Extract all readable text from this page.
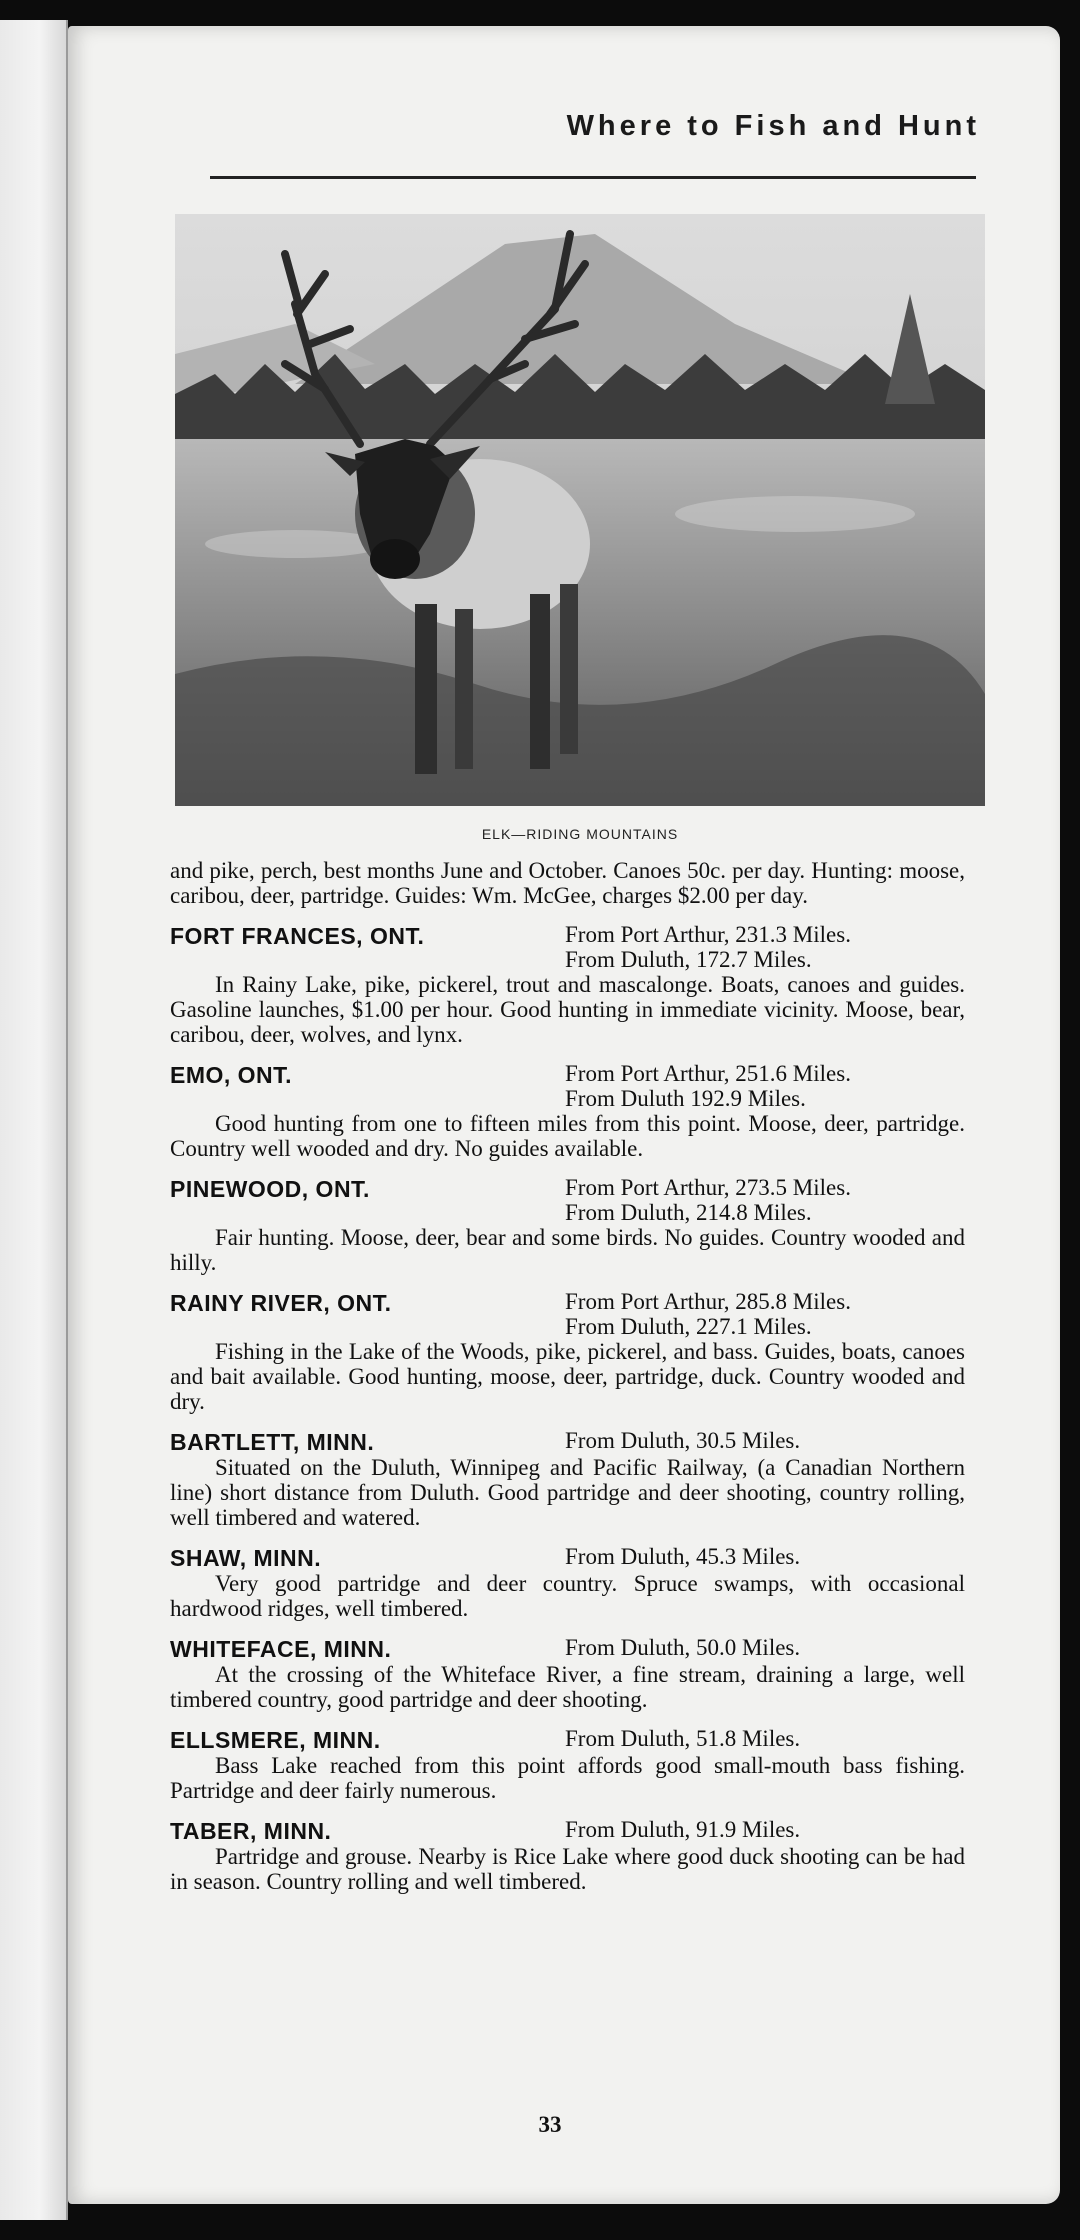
Where to Fish and Hunt
ELK—RIDING MOUNTAINS

and pike, perch, best months June and October. Canoes 50c. per day. Hunting: moose, caribou, deer, partridge. Guides: Wm. McGee, charges $2.00 per day.

FORT FRANCES, ONT.	From Port Arthur, 231.3 Miles.
From Duluth, 172.7 Miles.

In Rainy Lake, pike, pickerel, trout and mascalonge. Boats, canoes and guides. Gasoline launches, $1.00 per hour. Good hunting in immediate vicinity. Moose, bear, caribou, deer, wolves, and lynx.

EMO, ONT.	From Port Arthur, 251.6 Miles.
From Duluth 192.9 Miles.

Good hunting from one to fifteen miles from this point. Moose, deer, partridge. Country well wooded and dry. No guides available.

PINEWOOD, ONT.	From Port Arthur, 273.5 Miles.
From Duluth, 214.8 Miles.

Fair hunting. Moose, deer, bear and some birds. No guides. Country wooded and hilly.

RAINY RIVER, ONT.	From Port Arthur, 285.8 Miles.
From Duluth, 227.1 Miles.

Fishing in the Lake of the Woods, pike, pickerel, and bass. Guides, boats, canoes and bait available. Good hunting, moose, deer, partridge, duck. Country wooded and dry.

BARTLETT, MINN.	From Duluth, 30.5 Miles.

Situated on the Duluth, Winnipeg and Pacific Railway, (a Canadian Northern line) short distance from Duluth. Good partridge and deer shooting, country rolling, well timbered and watered.

SHAW, MINN.	From Duluth, 45.3 Miles.

Very good partridge and deer country. Spruce swamps, with occasional hardwood ridges, well timbered.

WHITEFACE, MINN.	From Duluth, 50.0 Miles.

At the crossing of the Whiteface River, a fine stream, draining a large, well timbered country, good partridge and deer shooting.

ELLSMERE, MINN.	From Duluth, 51.8 Miles.

Bass Lake reached from this point affords good small-mouth bass fishing. Partridge and deer fairly numerous.

TABER, MINN.	From Duluth, 91.9 Miles.

Partridge and grouse. Nearby is Rice Lake where good duck shooting can be had in season. Country rolling and well timbered.

33
